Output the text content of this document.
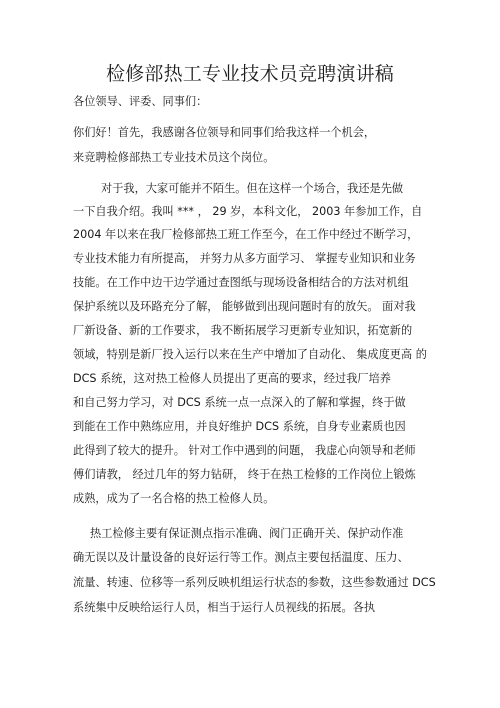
检修部热工专业技术员竞聘演讲稿
各位领导、评委、同事们：
你们好！首先，我感谢各位领导和同事们给我这样一个机会，
来竞聘检修部热工专业技术员这个岗位。
对于我，大家可能并不陌生。但在这样一个场合，我还是先做
一下自我介绍。我叫 *** ， 29 岁，本科文化， 2003 年参加工作，自
2004 年以来在我厂检修部热工班工作至今，在工作中经过不断学习，
专业技术能力有所提高， 并努力从多方面学习、 掌握专业知识和业务
技能。在工作中边干边学通过查图纸与现场设备相结合的方法对机组
保护系统以及环路充分了解， 能够做到出现问题时有的放矢。 面对我
厂新设备、新的工作要求， 我不断拓展学习更新专业知识，拓宽新的
领域，特别是新厂投入运行以来在生产中增加了自动化、 集成度更高 的
DCS 系统，这对热工检修人员提出了更高的要求，经过我厂培养
和自己努力学习，对 DCS 系统一点一点深入的了解和掌握，终于做
到能在工作中熟练应用，并良好维护 DCS 系统，自身专业素质也因
此得到了较大的提升。 针对工作中遇到的问题， 我虚心向领导和老师
傅们请教， 经过几年的努力钻研， 终于在热工检修的工作岗位上锻炼
成熟，成为了一名合格的热工检修人员。
热工检修主要有保证测点指示准确、阀门正确开关、保护动作准
确无误以及计量设备的良好运行等工作。测点主要包括温度、压力、
流量、转速、位移等一系列反映机组运行状态的参数，这些参数通过 DCS
系统集中反映给运行人员，相当于运行人员视线的拓展。各执
